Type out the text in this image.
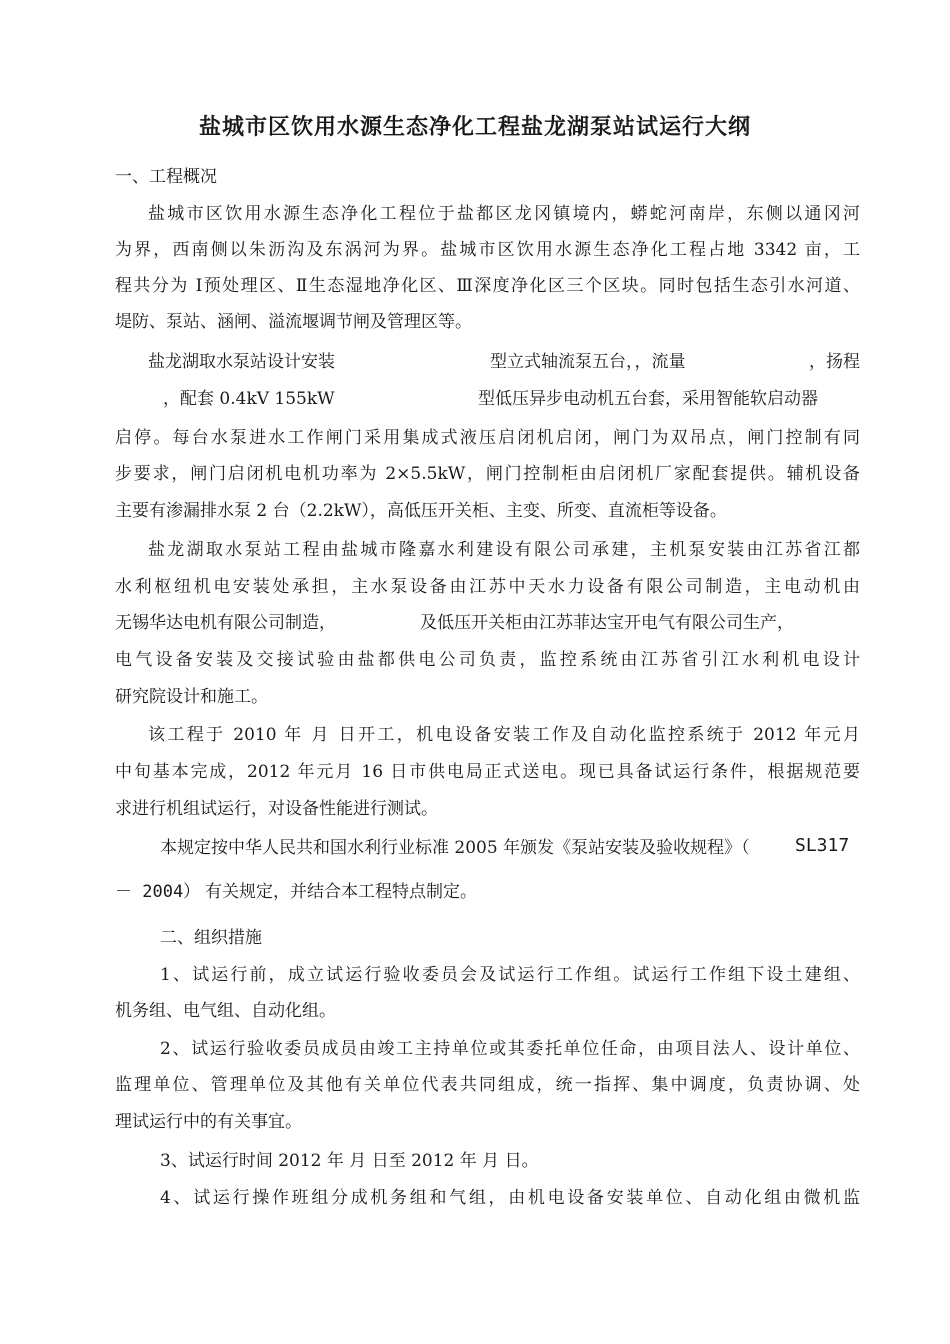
盐城市区饮用水源生态净化工程盐龙湖泵站试运行大纲
一、工程概况
盐城市区饮用水源生态净化工程位于盐都区龙冈镇境内，蟒蛇河南岸，东侧以通冈河
为界，西南侧以朱沥沟及东涡河为界。盐城市区饮用水源生态净化工程占地 3342 亩，工
程共分为 Ⅰ预处理区、Ⅱ生态湿地净化区、Ⅲ深度净化区三个区块。同时包括生态引水河道、
堤防、泵站、涵闸、溢流堰调节闸及管理区等。
盐龙湖取水泵站设计安装	型立式轴流泵五台，，流量	，扬程
，配套 0.4kV 155kW	型低压异步电动机五台套，采用智能软启动器
启停。每台水泵进水工作闸门采用集成式液压启闭机启闭，闸门为双吊点，闸门控制有同
步要求，闸门启闭机电机功率为 2×5.5kW，闸门控制柜由启闭机厂家配套提供。辅机设备
主要有渗漏排水泵 2 台（2.2kW），高低压开关柜、主变、所变、直流柜等设备。
盐龙湖取水泵站工程由盐城市隆嘉水利建设有限公司承建，主机泵安装由江苏省江都
水利枢纽机电安装处承担，主水泵设备由江苏中天水力设备有限公司制造，主电动机由
无锡华达电机有限公司制造，	及低压开关柜由江苏菲达宝开电气有限公司生产，
电气设备安装及交接试验由盐都供电公司负责，监控系统由江苏省引江水利机电设计
研究院设计和施工。
该工程于 2010 年 月 日开工，机电设备安装工作及自动化监控系统于 2012 年元月
中旬基本完成，2012 年元月 16 日市供电局正式送电。现已具备试运行条件，根据规范要
求进行机组试运行，对设备性能进行测试。
本规定按中华人民共和国水利行业标准 2005 年颁发《泵站安装及验收规程》（	SL317
－ 2004） 有关规定，并结合本工程特点制定。
二、组织措施
1、试运行前，成立试运行验收委员会及试运行工作组。试运行工作组下设土建组、
机务组、电气组、自动化组。
2、试运行验收委员成员由竣工主持单位或其委托单位任命，由项目法人、设计单位、
监理单位、管理单位及其他有关单位代表共同组成，统一指挥、集中调度，负责协调、处
理试运行中的有关事宜。
3、试运行时间 2012 年 月 日至 2012 年 月 日。
4、试运行操作班组分成机务组和气组，由机电设备安装单位、自动化组由微机监
